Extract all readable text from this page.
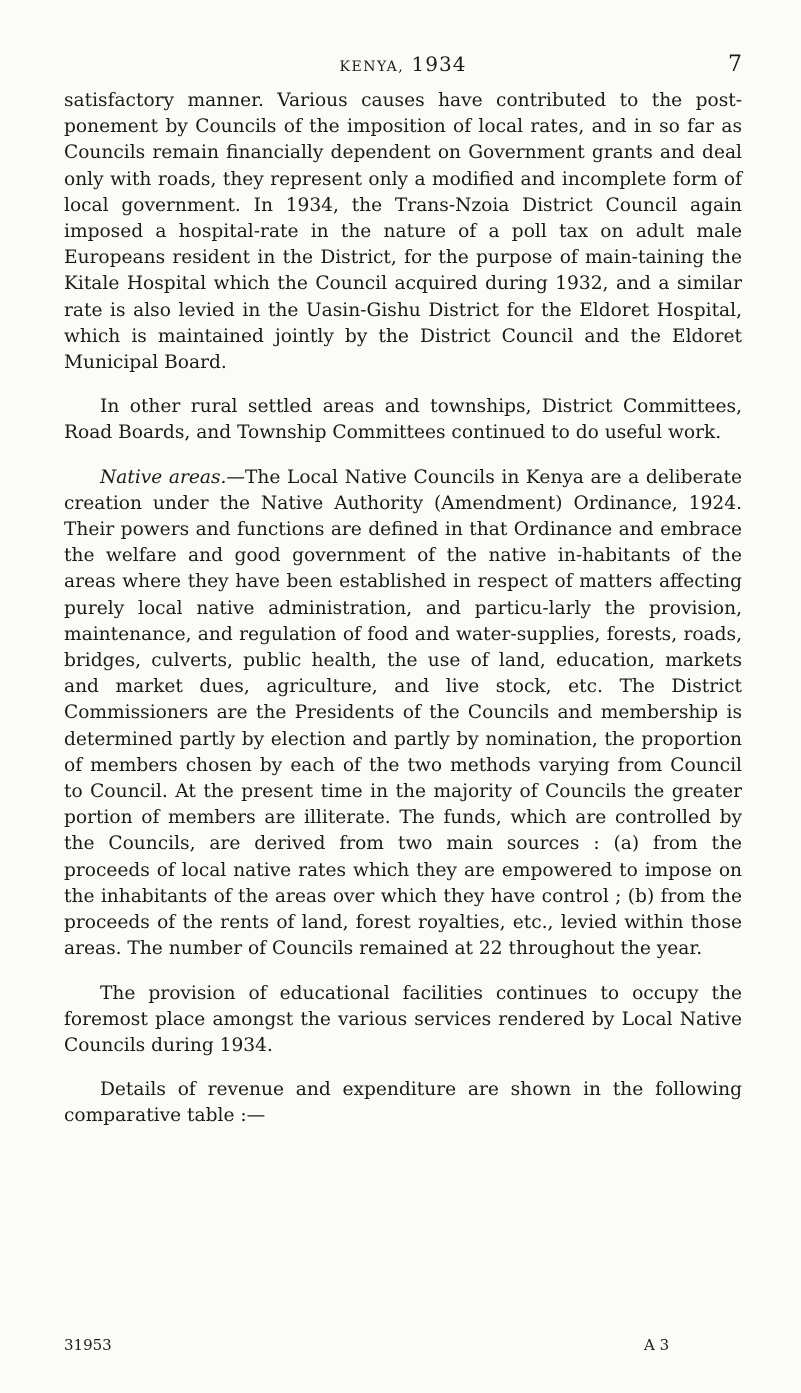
KENYA, 1934	7

satisfactory manner. Various causes have contributed to the post-ponement by Councils of the imposition of local rates, and in so far as Councils remain financially dependent on Government grants and deal only with roads, they represent only a modified and incomplete form of local government. In 1934, the Trans-Nzoia District Council again imposed a hospital-rate in the nature of a poll tax on adult male Europeans resident in the District, for the purpose of main-taining the Kitale Hospital which the Council acquired during 1932, and a similar rate is also levied in the Uasin-Gishu District for the Eldoret Hospital, which is maintained jointly by the District Council and the Eldoret Municipal Board.

In other rural settled areas and townships, District Committees, Road Boards, and Township Committees continued to do useful work.

Native areas.—The Local Native Councils in Kenya are a deliberate creation under the Native Authority (Amendment) Ordinance, 1924. Their powers and functions are defined in that Ordinance and embrace the welfare and good government of the native in-habitants of the areas where they have been established in respect of matters affecting purely local native administration, and particu-larly the provision, maintenance, and regulation of food and water-supplies, forests, roads, bridges, culverts, public health, the use of land, education, markets and market dues, agriculture, and live stock, etc. The District Commissioners are the Presidents of the Councils and membership is determined partly by election and partly by nomination, the proportion of members chosen by each of the two methods varying from Council to Council. At the present time in the majority of Councils the greater portion of members are illiterate. The funds, which are controlled by the Councils, are derived from two main sources : (a) from the proceeds of local native rates which they are empowered to impose on the inhabitants of the areas over which they have control ; (b) from the proceeds of the rents of land, forest royalties, etc., levied within those areas. The number of Councils remained at 22 throughout the year.

The provision of educational facilities continues to occupy the foremost place amongst the various services rendered by Local Native Councils during 1934.

Details of revenue and expenditure are shown in the following comparative table :—

31953	A 3
